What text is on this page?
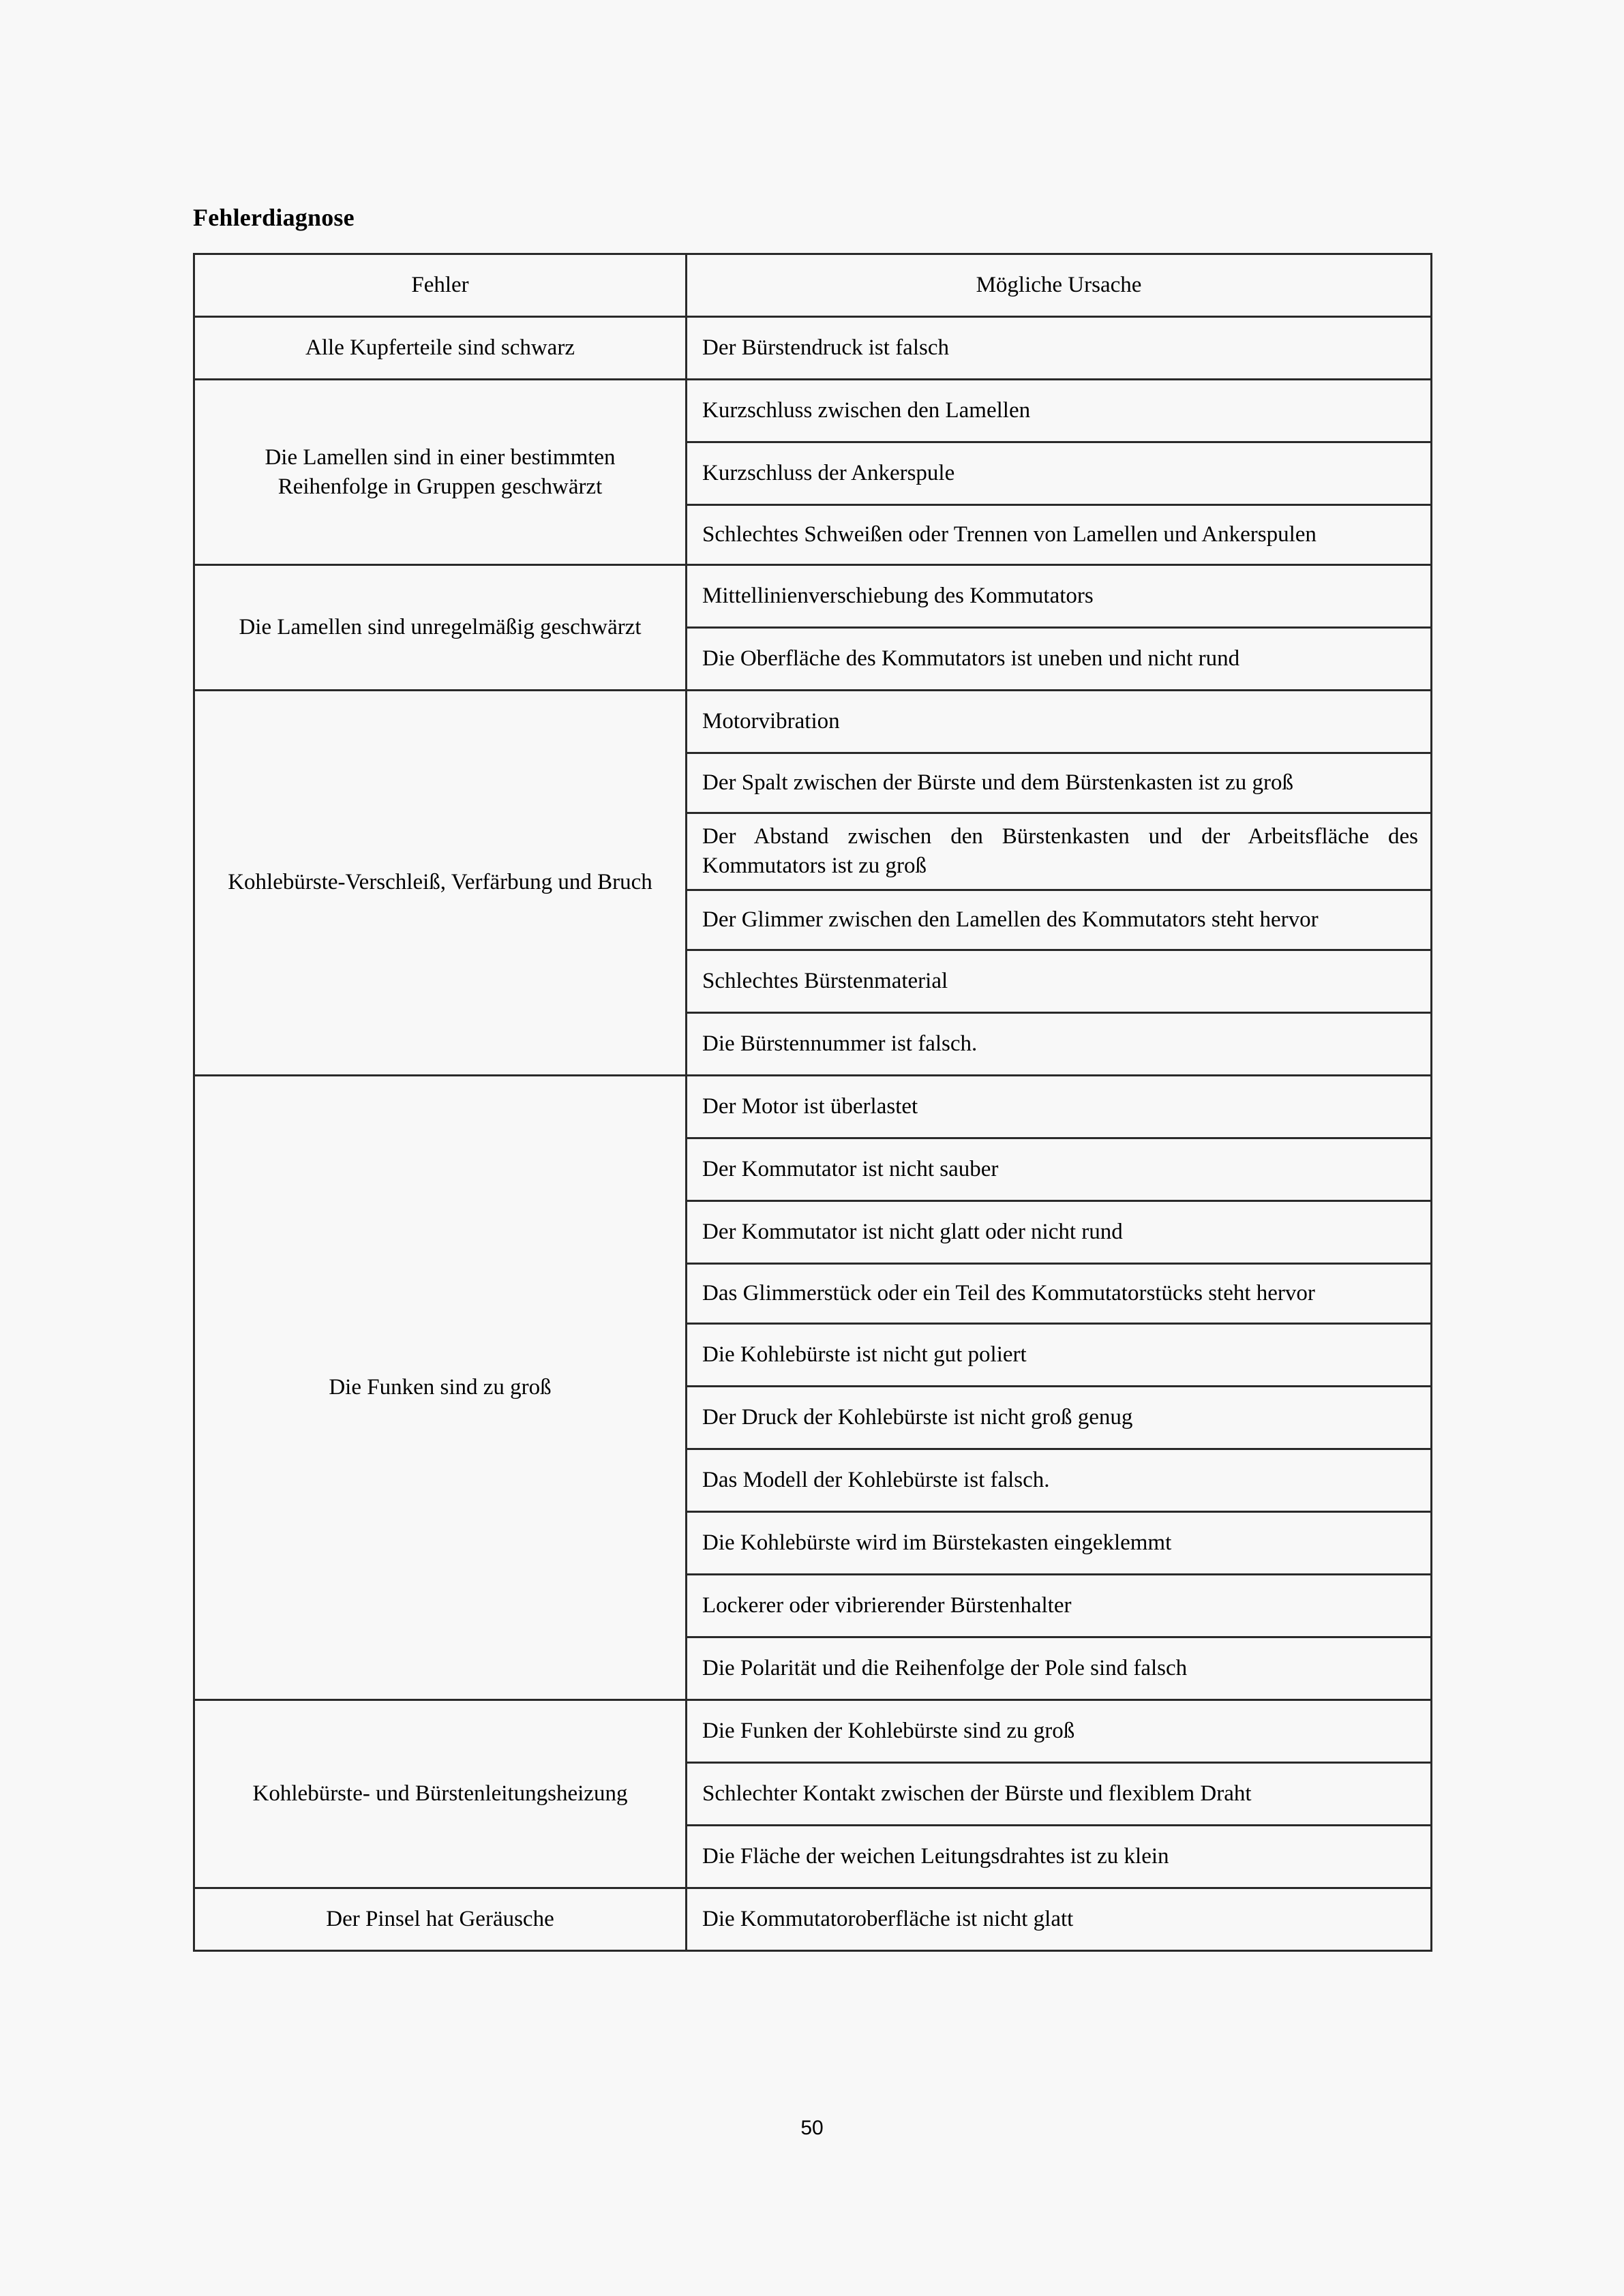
Fehlerdiagnose
Fehler	Mögliche Ursache
Alle Kupferteile sind schwarz	Der Bürstendruck ist falsch
Die Lamellen sind in einer bestimmten Reihenfolge in Gruppen geschwärzt	Kurzschluss zwischen den Lamellen
	Kurzschluss der Ankerspule
	Schlechtes Schweißen oder Trennen von Lamellen und Ankerspulen
Die Lamellen sind unregelmäßig geschwärzt	Mittellinienverschiebung des Kommutators
	Die Oberfläche des Kommutators ist uneben und nicht rund
Kohlebürste-Verschleiß, Verfärbung und Bruch	Motorvibration
	Der Spalt zwischen der Bürste und dem Bürstenkasten ist zu groß
	Der Abstand zwischen den Bürstenkasten und der Arbeitsfläche des Kommutators ist zu groß
	Der Glimmer zwischen den Lamellen des Kommutators steht hervor
	Schlechtes Bürstenmaterial
	Die Bürstennummer ist falsch.
Die Funken sind zu groß	Der Motor ist überlastet
	Der Kommutator ist nicht sauber
	Der Kommutator ist nicht glatt oder nicht rund
	Das Glimmerstück oder ein Teil des Kommutatorstücks steht hervor
	Die Kohlebürste ist nicht gut poliert
	Der Druck der Kohlebürste ist nicht groß genug
	Das Modell der Kohlebürste ist falsch.
	Die Kohlebürste wird im Bürstekasten eingeklemmt
	Lockerer oder vibrierender Bürstenhalter
	Die Polarität und die Reihenfolge der Pole sind falsch
Kohlebürste- und Bürstenleitungsheizung	Die Funken der Kohlebürste sind zu groß
	Schlechter Kontakt zwischen der Bürste und flexiblem Draht
	Die Fläche der weichen Leitungsdrahtes ist zu klein
Der Pinsel hat Geräusche	Die Kommutatoroberfläche ist nicht glatt
50
